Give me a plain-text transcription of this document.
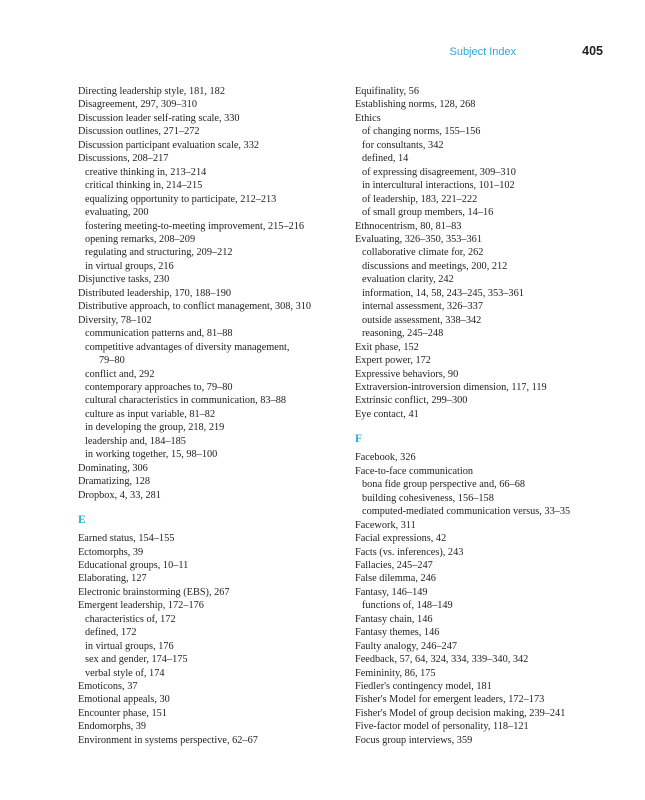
Subject Index	405
Directing leadership style, 181, 182
Disagreement, 297, 309–310
Discussion leader self-rating scale, 330
Discussion outlines, 271–272
Discussion participant evaluation scale, 332
Discussions, 208–217
creative thinking in, 213–214
critical thinking in, 214–215
equalizing opportunity to participate, 212–213
evaluating, 200
fostering meeting-to-meeting improvement, 215–216
opening remarks, 208–209
regulating and structuring, 209–212
in virtual groups, 216
Disjunctive tasks, 230
Distributed leadership, 170, 188–190
Distributive approach, to conflict management, 308, 310
Diversity, 78–102
communication patterns and, 81–88
competitive advantages of diversity management,
79–80
conflict and, 292
contemporary approaches to, 79–80
cultural characteristics in communication, 83–88
culture as input variable, 81–82
in developing the group, 218, 219
leadership and, 184–185
in working together, 15, 98–100
Dominating, 306
Dramatizing, 128
Dropbox, 4, 33, 281
E
Earned status, 154–155
Ectomorphs, 39
Educational groups, 10–11
Elaborating, 127
Electronic brainstorming (EBS), 267
Emergent leadership, 172–176
characteristics of, 172
defined, 172
in virtual groups, 176
sex and gender, 174–175
verbal style of, 174
Emoticons, 37
Emotional appeals, 30
Encounter phase, 151
Endomorphs, 39
Environment in systems perspective, 62–67
Equifinality, 56
Establishing norms, 128, 268
Ethics
of changing norms, 155–156
for consultants, 342
defined, 14
of expressing disagreement, 309–310
in intercultural interactions, 101–102
of leadership, 183, 221–222
of small group members, 14–16
Ethnocentrism, 80, 81–83
Evaluating, 326–350, 353–361
collaborative climate for, 262
discussions and meetings, 200, 212
evaluation clarity, 242
information, 14, 58, 243–245, 353–361
internal assessment, 326–337
outside assessment, 338–342
reasoning, 245–248
Exit phase, 152
Expert power, 172
Expressive behaviors, 90
Extraversion-introversion dimension, 117, 119
Extrinsic conflict, 299–300
Eye contact, 41
F
Facebook, 326
Face-to-face communication
bona fide group perspective and, 66–68
building cohesiveness, 156–158
computed-mediated communication versus, 33–35
Facework, 311
Facial expressions, 42
Facts (vs. inferences), 243
Fallacies, 245–247
False dilemma, 246
Fantasy, 146–149
functions of, 148–149
Fantasy chain, 146
Fantasy themes, 146
Faulty analogy, 246–247
Feedback, 57, 64, 324, 334, 339–340, 342
Femininity, 86, 175
Fiedler's contingency model, 181
Fisher's Model for emergent leaders, 172–173
Fisher's Model of group decision making, 239–241
Five-factor model of personality, 118–121
Focus group interviews, 359
